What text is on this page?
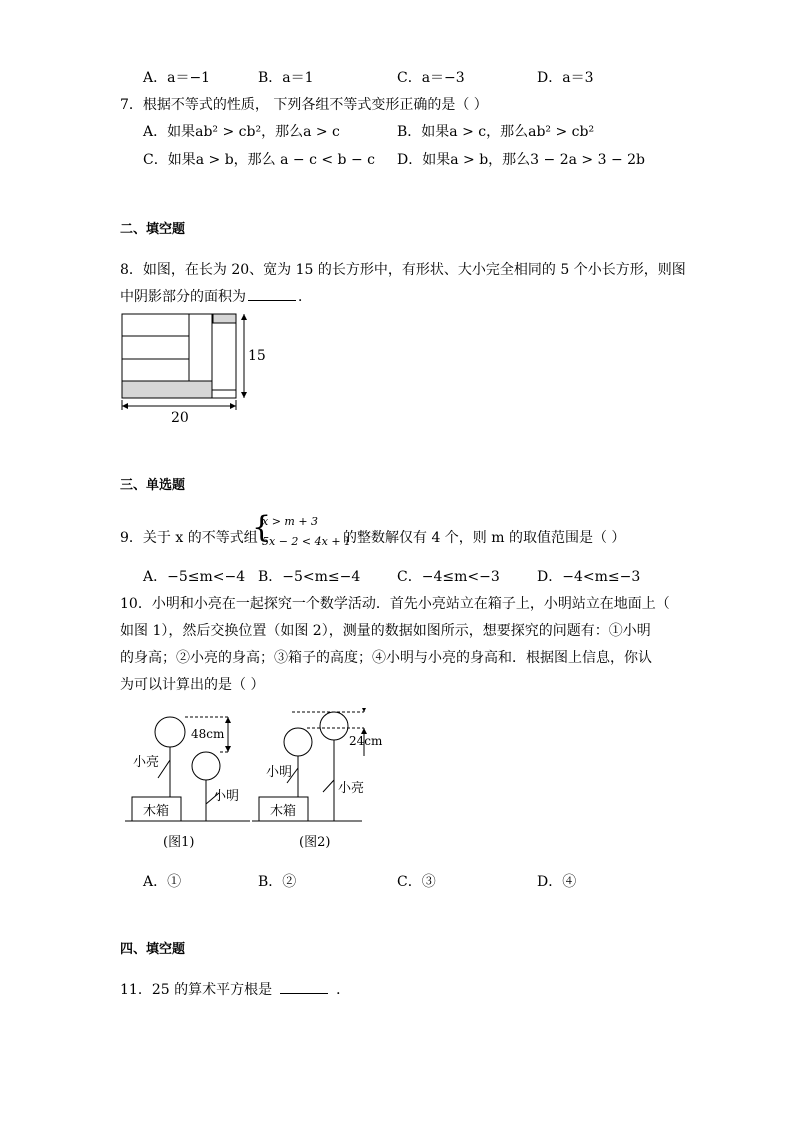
A．a＝−1	B．a＝1	C．a＝−3	D．a＝3
7．根据不等式的性质， 下列各组不等式变形正确的是（ ）
A．如果ab² > cb²，那么a > c	B．如果a > c，那么ab² > cb²
C．如果a > b，那么 a − c < b − c D．如果a > b，那么3 − 2a > 3 − 2b
二、填空题
8．如图，在长为 20、宽为 15 的长方形中，有形状、大小完全相同的 5 个小长方形，则图
中阴影部分的面积为	．
15
20
三、单选题
9．关于 x 的不等式组
{
x > m + 3
5x − 2 < 4x + 1
的整数解仅有 4 个，则 m 的取值范围是（ ）
A．−5≤m<−4 B．−5<m≤−4	C．−4≤m<−3	D．−4<m≤−3
10．小明和小亮在一起探究一个数学活动．首先小亮站立在箱子上，小明站立在地面上（
如图 1），然后交换位置（如图 2），测量的数据如图所示，想要探究的问题有：①小明
的身高；②小亮的身高；③箱子的高度；④小明与小亮的身高和．根据图上信息，你认
为可以计算出的是（ ）
木箱
小亮
小明
48cm
(图1)
木箱
小明
小亮
24cm
(图2)
A．①	B．②	C．③	D．④
四、填空题
11．25 的算术平方根是	．
